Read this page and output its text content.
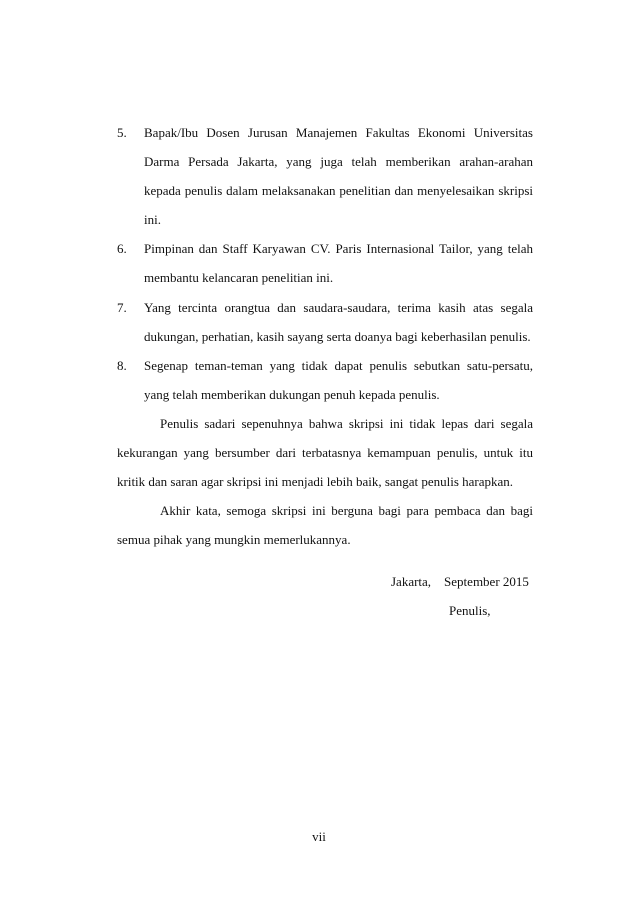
5. Bapak/Ibu Dosen Jurusan Manajemen Fakultas Ekonomi Universitas Darma Persada Jakarta, yang juga telah memberikan arahan-arahan kepada penulis dalam melaksanakan penelitian dan menyelesaikan skripsi ini.
6. Pimpinan dan Staff Karyawan CV. Paris Internasional Tailor, yang telah membantu kelancaran penelitian ini.
7. Yang tercinta orangtua dan saudara-saudara, terima kasih atas segala dukungan, perhatian, kasih sayang serta doanya bagi keberhasilan penulis.
8. Segenap teman-teman yang tidak dapat penulis sebutkan satu-persatu, yang telah memberikan dukungan penuh kepada penulis.

Penulis sadari sepenuhnya bahwa skripsi ini tidak lepas dari segala kekurangan yang bersumber dari terbatasnya kemampuan penulis, untuk itu kritik dan saran agar skripsi ini menjadi lebih baik, sangat penulis harapkan.

Akhir kata, semoga skripsi ini berguna bagi para pembaca dan bagi semua pihak yang mungkin memerlukannya.

Jakarta,    September 2015
Penulis,
vii
